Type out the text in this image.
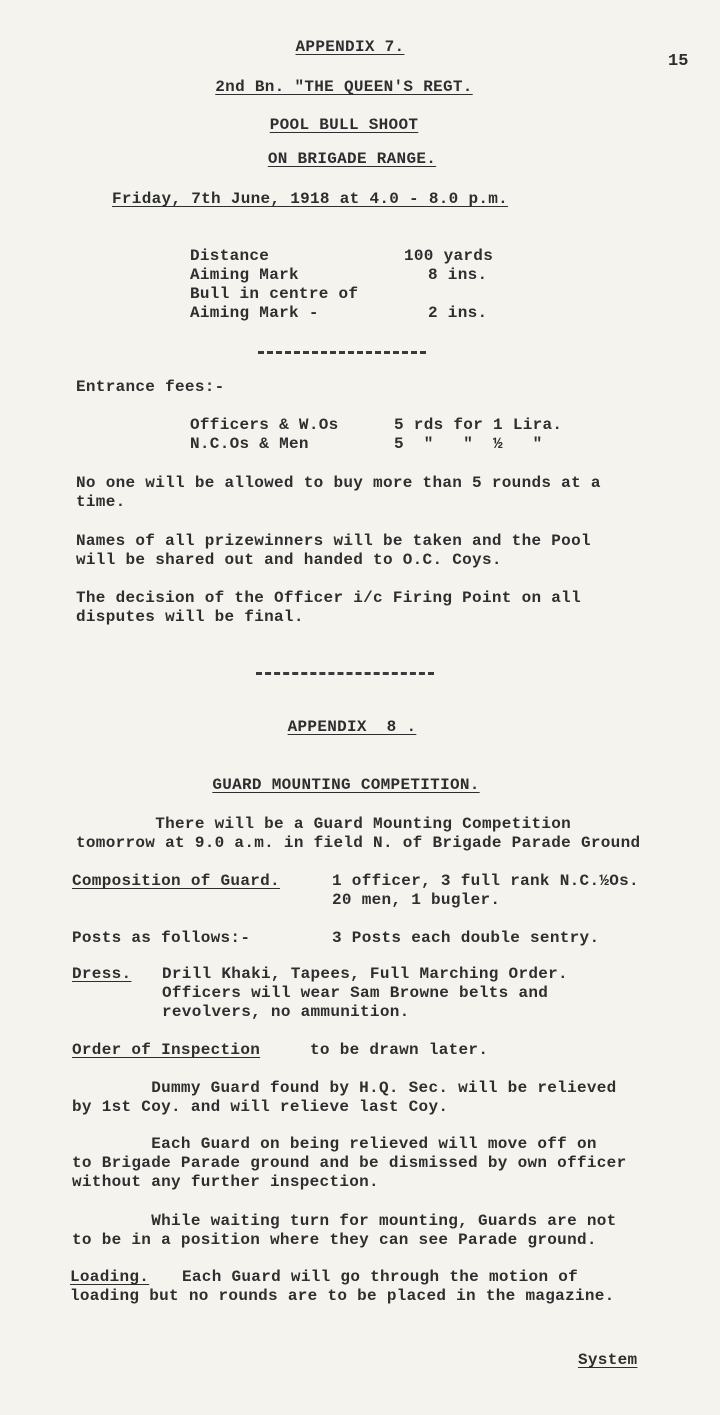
15
APPENDIX 7.
2nd Bn. "THE QUEEN'S REGT.
POOL BULL SHOOT
ON BRIGADE RANGE.
Friday, 7th June, 1918 at 4.0 - 8.0 p.m.
Distance	100 yards
Aiming Mark	8 ins.
Bull in centre of
Aiming Mark -	2 ins.
Entrance fees:-
Officers & W.Os	5 rds for 1 Lira.
N.C.Os & Men	5  "   "  ½   "
No one will be allowed to buy more than 5 rounds at a
time.
Names of all prizewinners will be taken and the Pool
will be shared out and handed to O.C. Coys.
The decision of the Officer i/c Firing Point on all
disputes will be final.
APPENDIX  8 .
GUARD MOUNTING COMPETITION.
There will be a Guard Mounting Competition
tomorrow at 9.0 a.m. in field N. of Brigade Parade Ground
Composition of Guard.	1 officer, 3 full rank N.C.½Os.
20 men, 1 bugler.
Posts as follows:-	3 Posts each double sentry.
Dress. Drill Khaki, Tapees, Full Marching Order.
Officers will wear Sam Browne belts and
revolvers, no ammunition.
Order of Inspection	to be drawn later.
Dummy Guard found by H.Q. Sec. will be relieved
by 1st Coy. and will relieve last Coy.
Each Guard on being relieved will move off on
to Brigade Parade ground and be dismissed by own officer
without any further inspection.
While waiting turn for mounting, Guards are not
to be in a position where they can see Parade ground.
Loading. Each Guard will go through the motion of
loading but no rounds are to be placed in the magazine.
System
